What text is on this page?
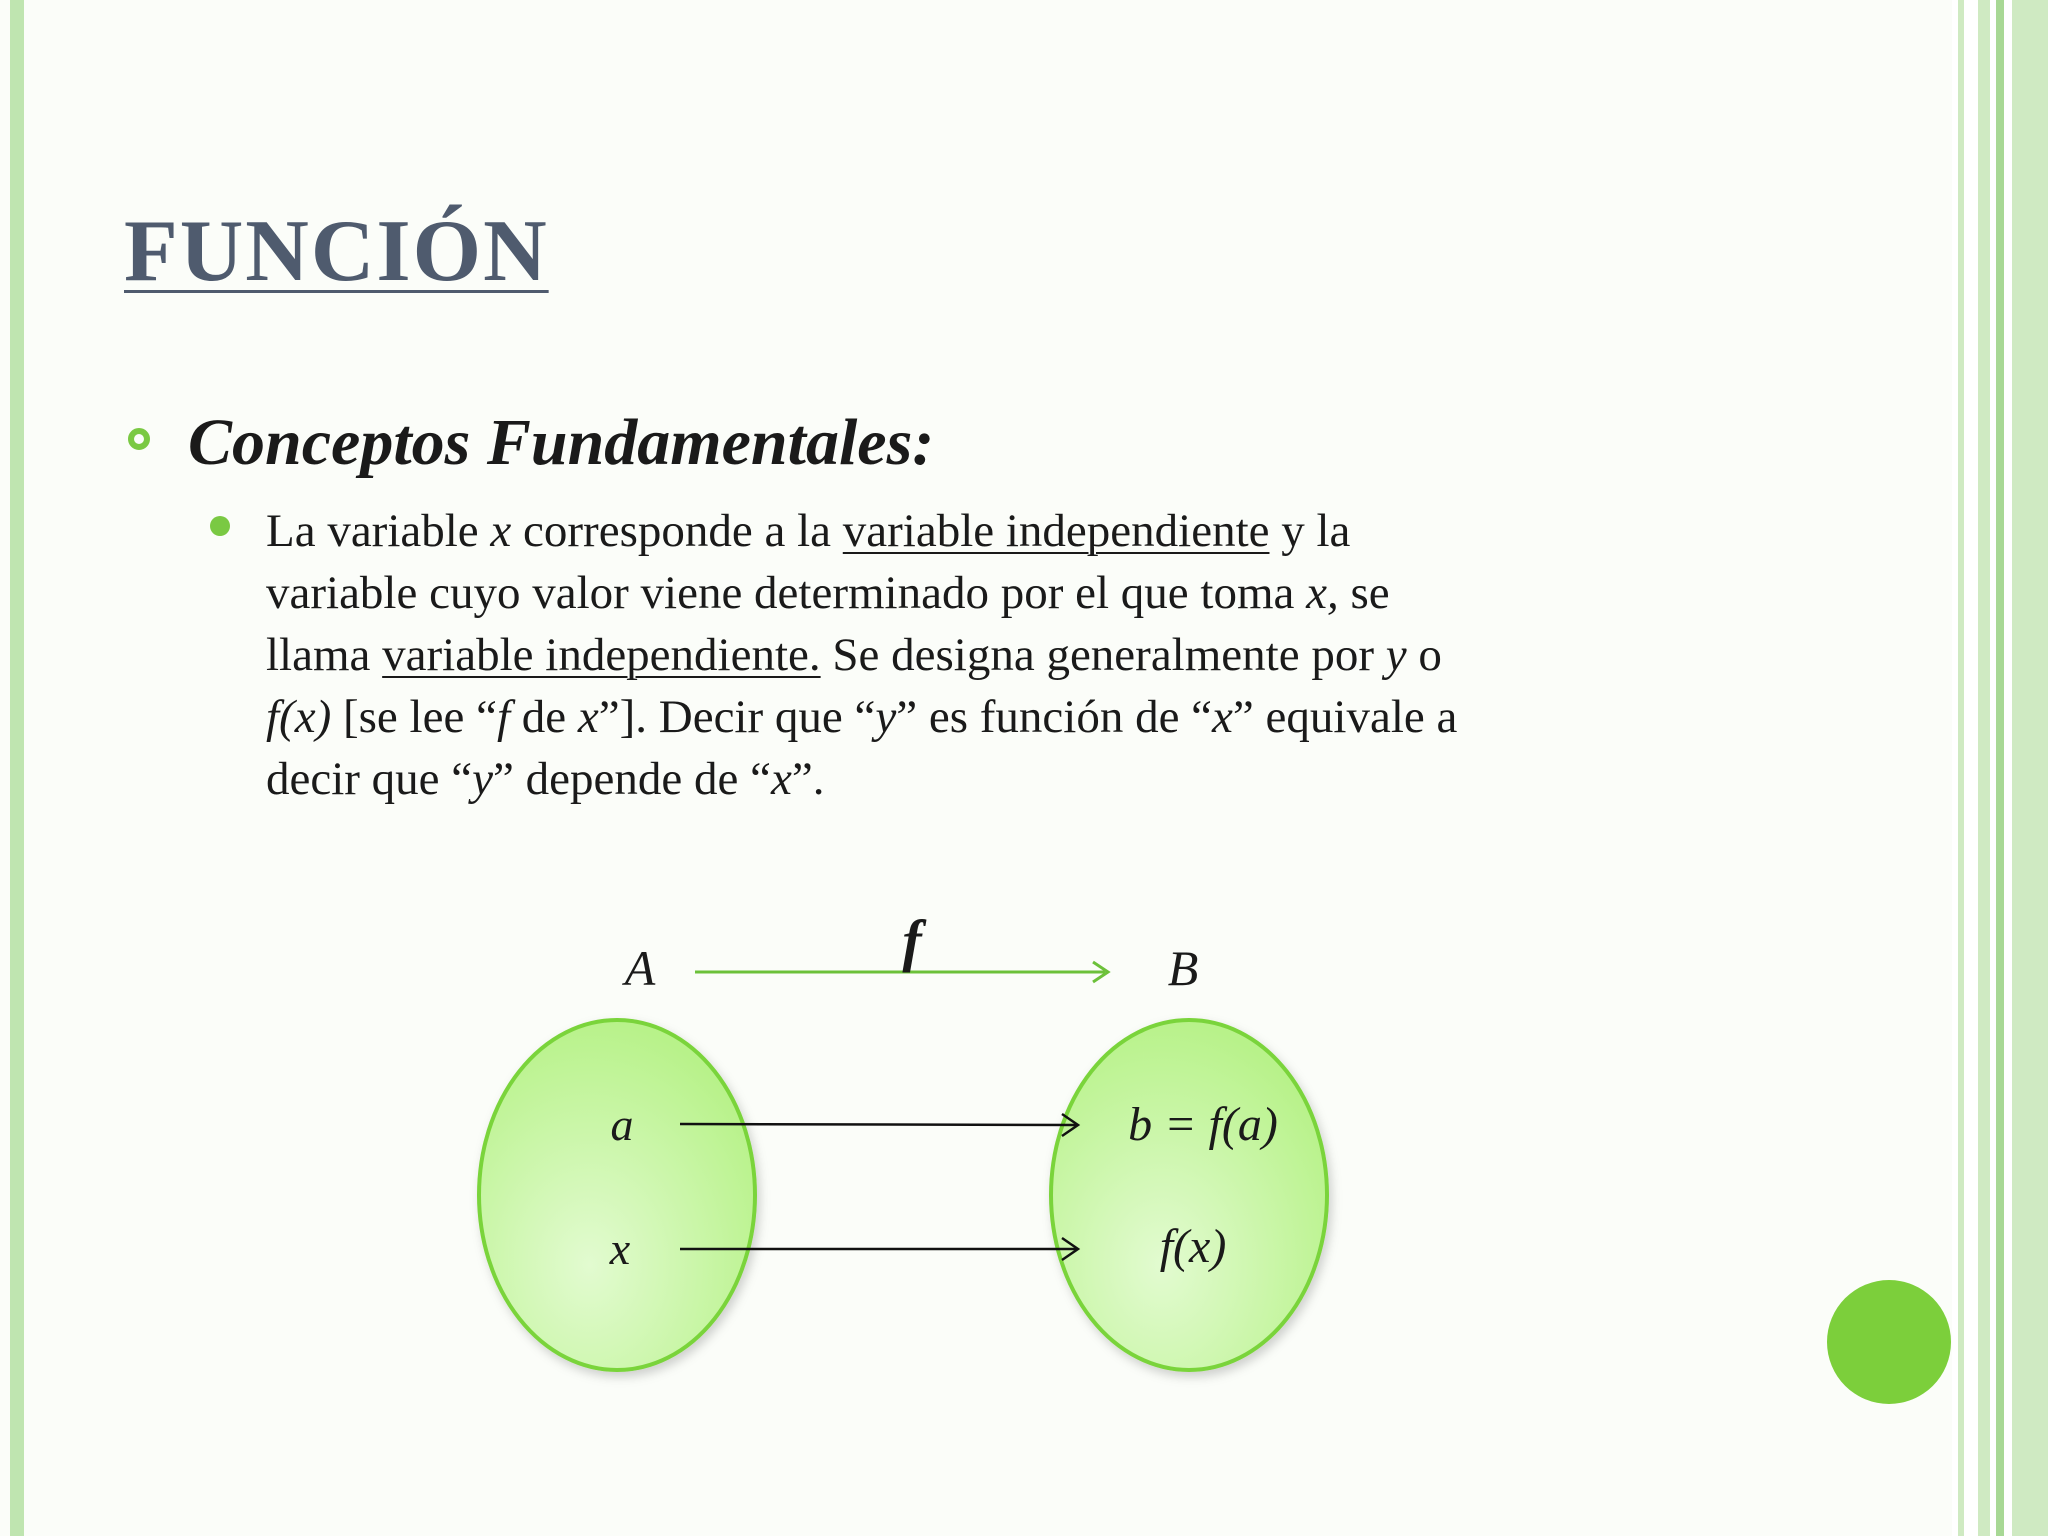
FUNCIÓN
Conceptos Fundamentales:

La variable x corresponde a la variable independiente y la
variable cuyo valor viene determinado por el que toma x, se
llama variable independiente. Se designa generalmente por y o
f(x) [se lee “f de x”]. Decir que “y” es función de “x” equivale a
decir que “y” depende de “x”.

A	B
f
a
x
b = f(a)
f(x)
